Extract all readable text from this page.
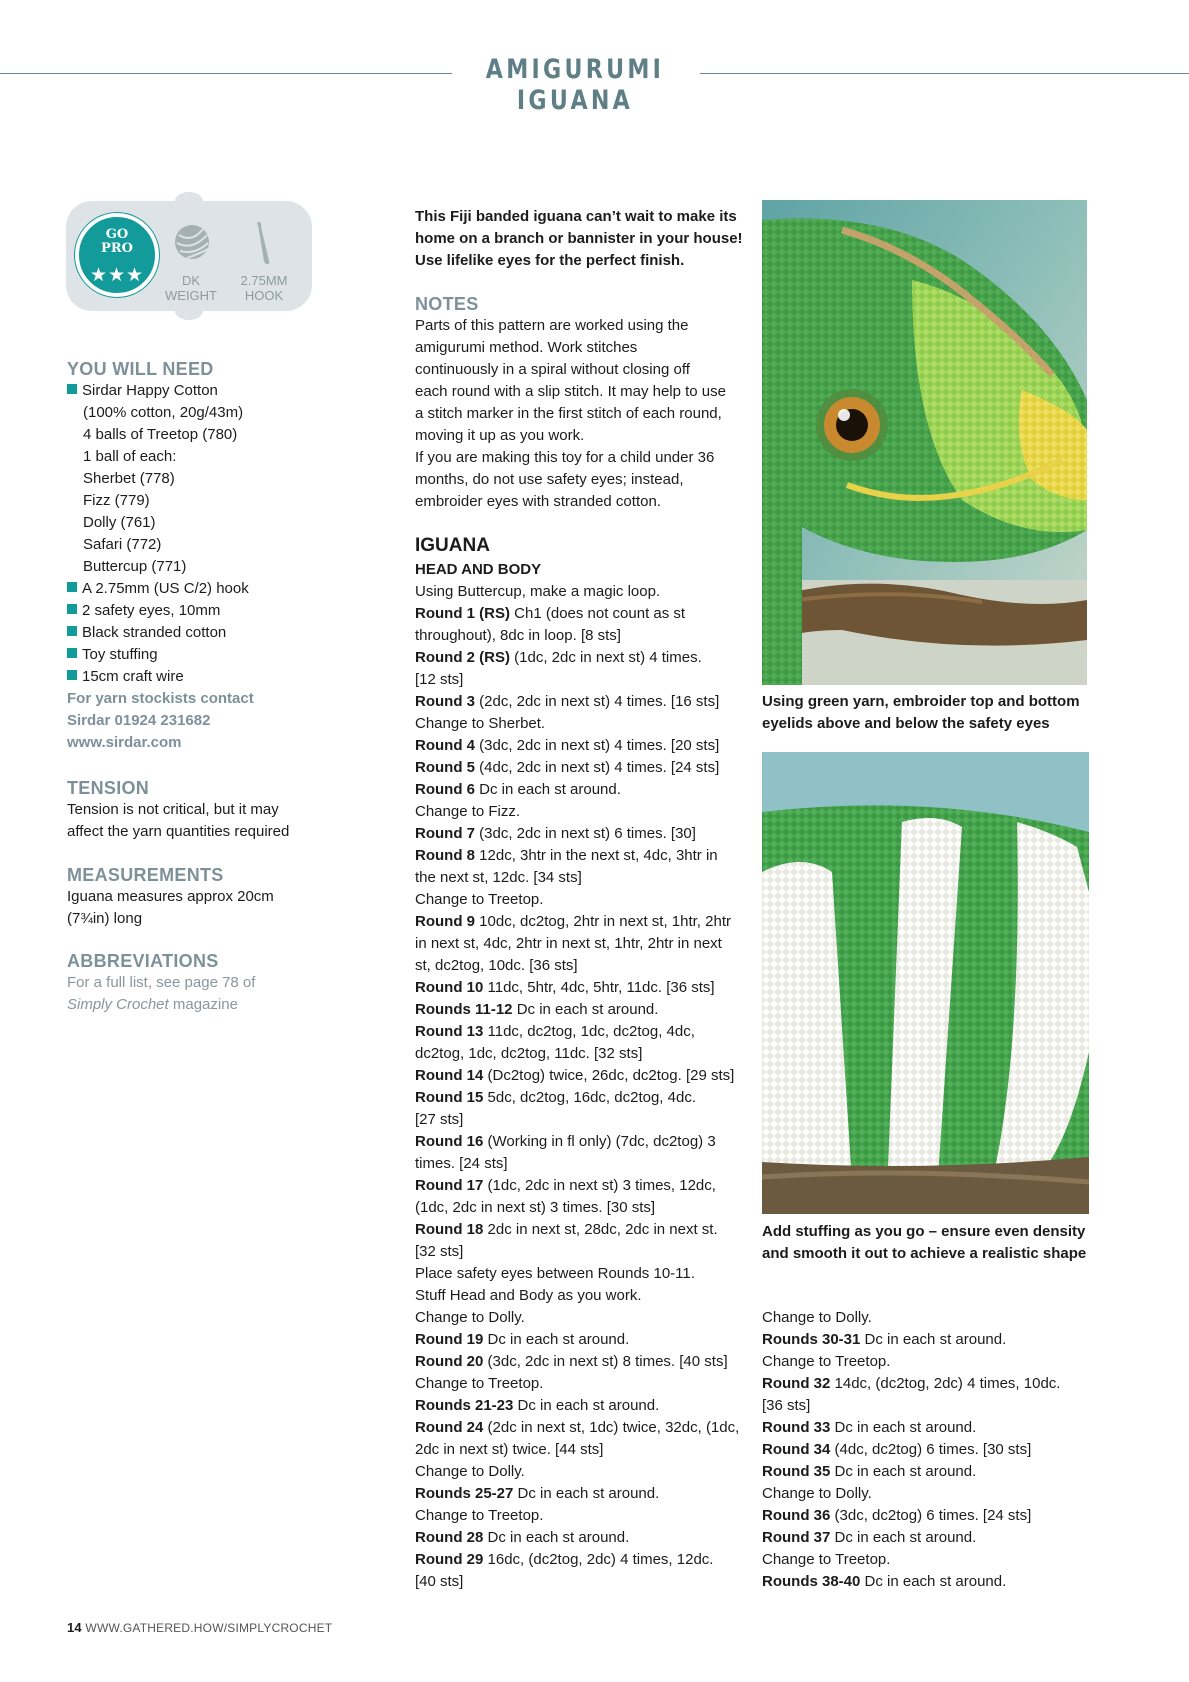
AMIGURUMI IGUANA
GO
PRO
★★★	DK
WEIGHT
2.75MM
HOOK
YOU WILL NEED
Sirdar Happy Cotton
(100% cotton, 20g/43m)
4 balls of Treetop (780)
1 ball of each:
Sherbet (778)
Fizz (779)
Dolly (761)
Safari (772)
Buttercup (771)
A 2.75mm (US C/2) hook
2 safety eyes, 10mm
Black stranded cotton
Toy stuffing
15cm craft wire
For yarn stockists contact
Sirdar 01924 231682
www.sirdar.com
TENSION
Tension is not critical, but it may
affect the yarn quantities required
MEASUREMENTS
Iguana measures approx 20cm
(7¾in) long
ABBREVIATIONS
For a full list, see page 78 of
Simply Crochet magazine
This Fiji banded iguana can’t wait to make its
home on a branch or bannister in your house!
Use lifelike eyes for the perfect finish.
NOTES
Parts of this pattern are worked using the
amigurumi method. Work stitches
continuously in a spiral without closing off
each round with a slip stitch. It may help to use
a stitch marker in the first stitch of each round,
moving it up as you work.
If you are making this toy for a child under 36
months, do not use safety eyes; instead,
embroider eyes with stranded cotton.
IGUANA
HEAD AND BODY
Using Buttercup, make a magic loop.
Round 1 (RS) Ch1 (does not count as st
throughout), 8dc in loop. [8 sts]
Round 2 (RS) (1dc, 2dc in next st) 4 times.
[12 sts]
Round 3 (2dc, 2dc in next st) 4 times. [16 sts]
Change to Sherbet.
Round 4 (3dc, 2dc in next st) 4 times. [20 sts]
Round 5 (4dc, 2dc in next st) 4 times. [24 sts]
Round 6 Dc in each st around.
Change to Fizz.
Round 7 (3dc, 2dc in next st) 6 times. [30]
Round 8 12dc, 3htr in the next st, 4dc, 3htr in
the next st, 12dc. [34 sts]
Change to Treetop.
Round 9 10dc, dc2tog, 2htr in next st, 1htr, 2htr
in next st, 4dc, 2htr in next st, 1htr, 2htr in next
st, dc2tog, 10dc. [36 sts]
Round 10 11dc, 5htr, 4dc, 5htr, 11dc. [36 sts]
Rounds 11-12 Dc in each st around.
Round 13 11dc, dc2tog, 1dc, dc2tog, 4dc,
dc2tog, 1dc, dc2tog, 11dc. [32 sts]
Round 14 (Dc2tog) twice, 26dc, dc2tog. [29 sts]
Round 15 5dc, dc2tog, 16dc, dc2tog, 4dc.
[27 sts]
Round 16 (Working in fl only) (7dc, dc2tog) 3
times. [24 sts]
Round 17 (1dc, 2dc in next st) 3 times, 12dc,
(1dc, 2dc in next st) 3 times. [30 sts]
Round 18 2dc in next st, 28dc, 2dc in next st.
[32 sts]
Place safety eyes between Rounds 10-11.
Stuff Head and Body as you work.
Change to Dolly.
Round 19 Dc in each st around.
Round 20 (3dc, 2dc in next st) 8 times. [40 sts]
Change to Treetop.
Rounds 21-23 Dc in each st around.
Round 24 (2dc in next st, 1dc) twice, 32dc, (1dc,
2dc in next st) twice. [44 sts]
Change to Dolly.
Rounds 25-27 Dc in each st around.
Change to Treetop.
Round 28 Dc in each st around.
Round 29 16dc, (dc2tog, 2dc) 4 times, 12dc.
[40 sts]
Using green yarn, embroider top and bottom
eyelids above and below the safety eyes
Add stuffing as you go – ensure even density
and smooth it out to achieve a realistic shape
Change to Dolly.
Rounds 30-31 Dc in each st around.
Change to Treetop.
Round 32 14dc, (dc2tog, 2dc) 4 times, 10dc.
[36 sts]
Round 33 Dc in each st around.
Round 34 (4dc, dc2tog) 6 times. [30 sts]
Round 35 Dc in each st around.
Change to Dolly.
Round 36 (3dc, dc2tog) 6 times. [24 sts]
Round 37 Dc in each st around.
Change to Treetop.
Rounds 38-40 Dc in each st around.
14 WWW.GATHERED.HOW/SIMPLYCROCHET
